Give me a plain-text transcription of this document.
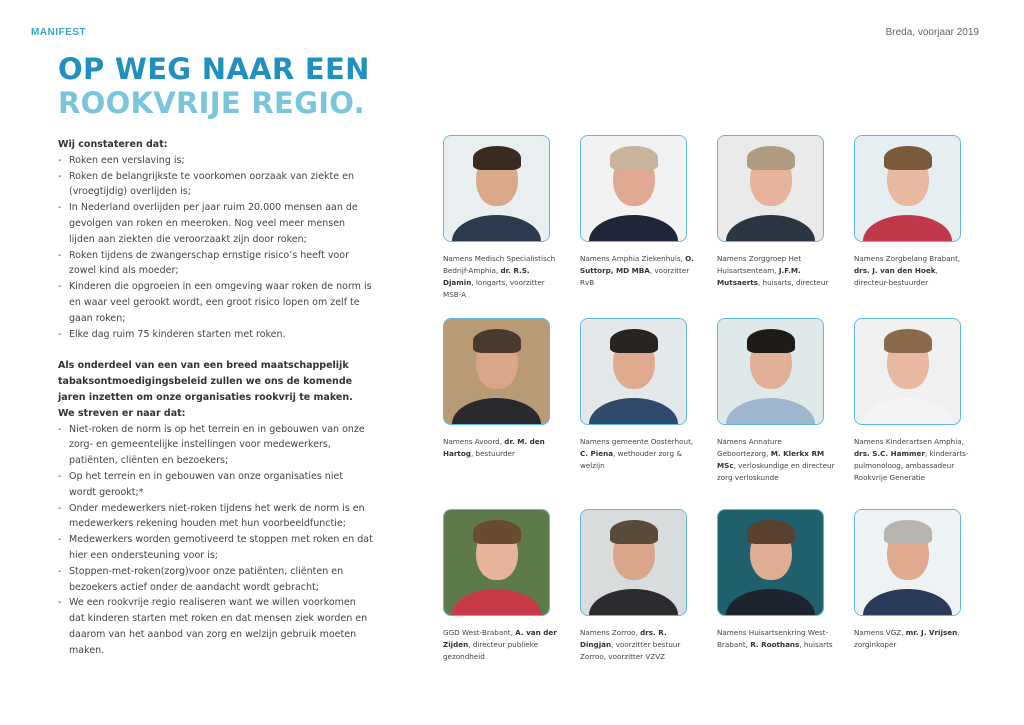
MANIFEST	Breda, voorjaar 2019
OP WEG NAAR EEN
ROOKVRIJE REGIO.
Wij constateren dat:
- Roken een verslaving is;
- Roken de belangrijkste te voorkomen oorzaak van ziekte en (vroegtijdig) overlijden is;
- In Nederland overlijden per jaar ruim 20.000 mensen aan de gevolgen van roken en meeroken. Nog veel meer mensen lijden aan ziekten die veroorzaakt zijn door roken;
- Roken tijdens de zwangerschap ernstige risico’s heeft voor zowel kind als moeder;
- Kinderen die opgroeien in een omgeving waar roken de norm is en waar veel gerookt wordt, een groot risico lopen om zelf te gaan roken;
- Elke dag ruim 75 kinderen starten met roken.
Als onderdeel van een van een breed maatschappelijk tabaksontmoedigingsbeleid zullen we ons de komende jaren inzetten om onze organisaties rookvrij te maken.
We streven er naar dat:
- Niet-roken de norm is op het terrein en in gebouwen van onze zorg- en gemeentelijke instellingen voor medewerkers, patiënten, cliënten en bezoekers;
- Op het terrein en in gebouwen van onze organisaties niet wordt gerookt;*
- Onder medewerkers niet-roken tijdens het werk de norm is en medewerkers rekening houden met hun voorbeeldfunctie;
- Medewerkers worden gemotiveerd te stoppen met roken en dat hier een ondersteuning voor is;
- Stoppen-met-roken(zorg)voor onze patiënten, cliënten en bezoekers actief onder de aandacht wordt gebracht;
- We een rookvrije regio realiseren want we willen voorkomen dat kinderen starten met roken en dat mensen ziek worden en daarom van het aanbod van zorg en welzijn gebruik moeten maken.
Namens Medisch Specialistisch Bedrijf-Amphia, dr. R.S. Djamin, longarts, voorzitter MSB-A
Namens Amphia Ziekenhuis, O. Suttorp, MD MBA, voorzitter RvB
Namens Zorggroep Het Huisartsenteam, J.F.M. Mutsaerts, huisarts, directeur
Namens Zorgbelang Brabant, drs. J. van den Hoek, directeur-bestuurder
Namens Avoord, dr. M. den Hartog, bestuurder
Namens gemeente Oosterhout, C. Piena, wethouder zorg & welzijn
Namens Annature Geboortezorg, M. Klerkx RM MSc, verloskundige en directeur zorg verloskunde
Namens Kinderartsen Amphia, drs. S.C. Hammer, kinderarts-pulmonoloog, ambassadeur Rookvrije Generatie
GGD West-Brabant, A. van der Zijden, directeur publieke gezondheid
Namens Zorroo, drs. R. Dingjan, voorzitter bestuur Zorroo, voorzitter VZVZ
Namens Huisartsenkring West-Brabant, R. Roothans, huisarts
Namens VGZ, mr. J. Vrijsen, zorginkoper
